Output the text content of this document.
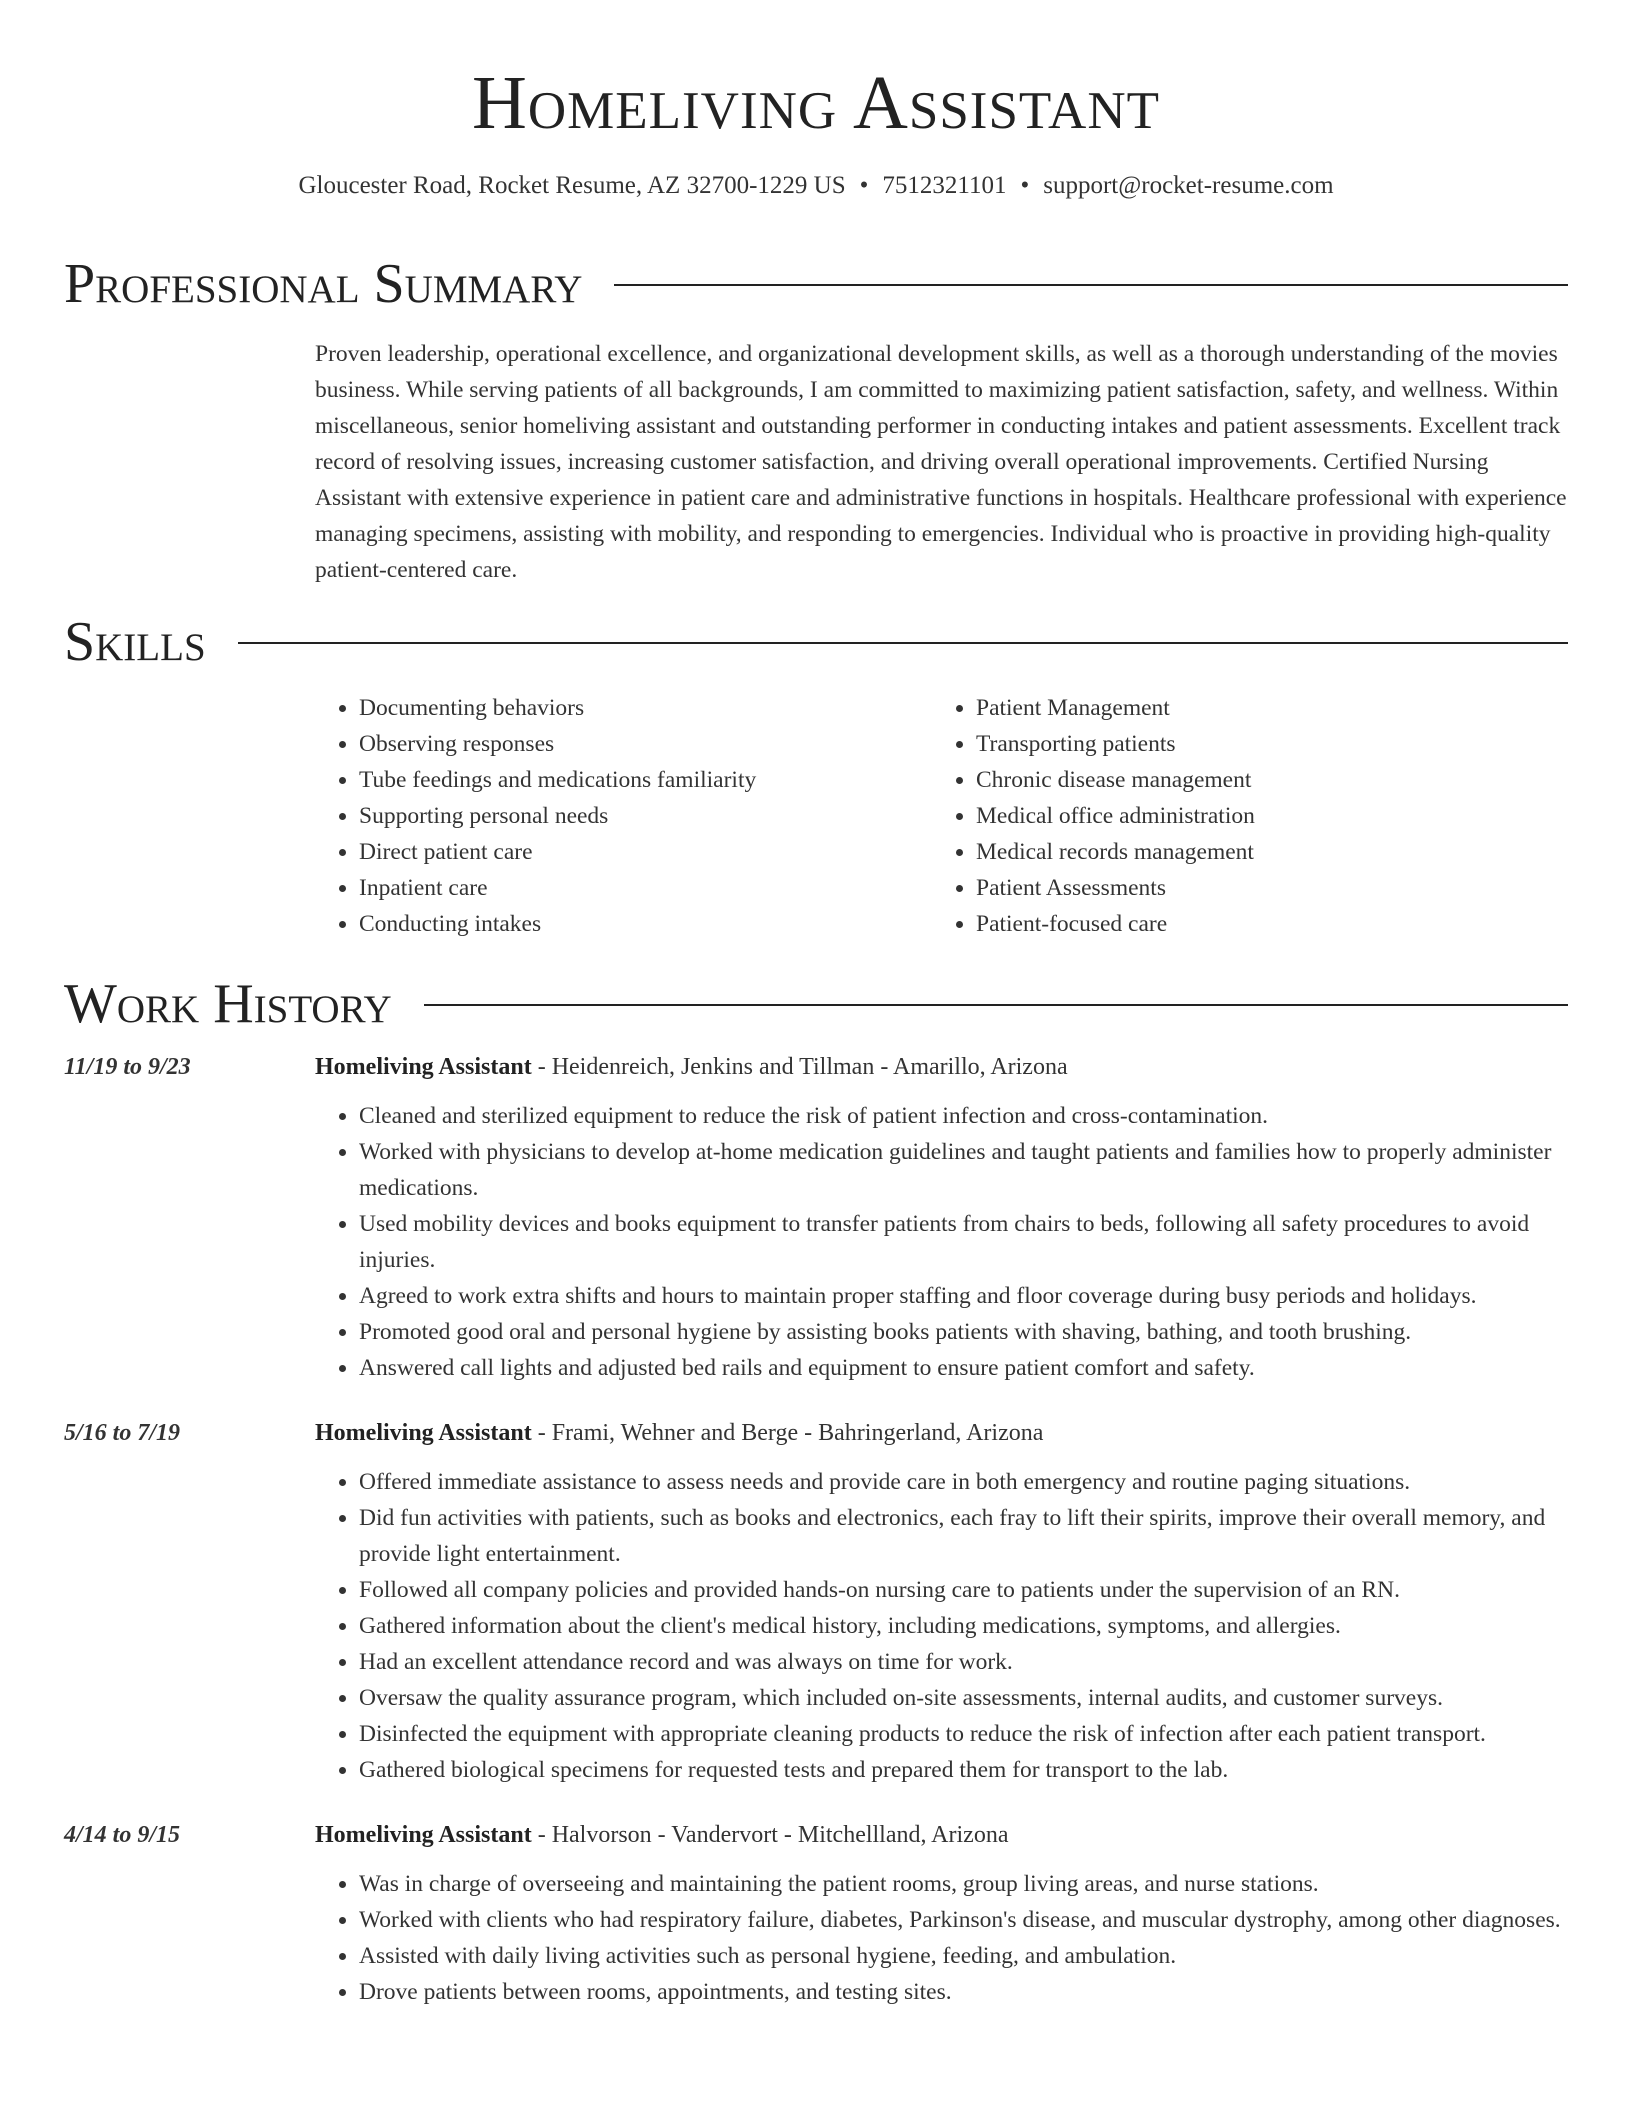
Homeliving Assistant
Gloucester Road, Rocket Resume, AZ 32700-1229 US • 7512321101 • support@rocket-resume.com
Professional Summary

Proven leadership, operational excellence, and organizational development skills, as well as a thorough understanding of the movies business. While serving patients of all backgrounds, I am committed to maximizing patient satisfaction, safety, and wellness. Within miscellaneous, senior homeliving assistant and outstanding performer in conducting intakes and patient assessments. Excellent track record of resolving issues, increasing customer satisfaction, and driving overall operational improvements. Certified Nursing Assistant with extensive experience in patient care and administrative functions in hospitals. Healthcare professional with experience managing specimens, assisting with mobility, and responding to emergencies. Individual who is proactive in providing high-quality patient-centered care.

Skills
• Documenting behaviors
• Observing responses
• Tube feedings and medications familiarity
• Supporting personal needs
• Direct patient care
• Inpatient care
• Conducting intakes
• Patient Management
• Transporting patients
• Chronic disease management
• Medical office administration
• Medical records management
• Patient Assessments
• Patient-focused care
Work History
11/19 to 9/23	Homeliving Assistant - Heidenreich, Jenkins and Tillman - Amarillo, Arizona
• Cleaned and sterilized equipment to reduce the risk of patient infection and cross-contamination.
• Worked with physicians to develop at-home medication guidelines and taught patients and families how to properly administer medications.
• Used mobility devices and books equipment to transfer patients from chairs to beds, following all safety procedures to avoid injuries.
• Agreed to work extra shifts and hours to maintain proper staffing and floor coverage during busy periods and holidays.
• Promoted good oral and personal hygiene by assisting books patients with shaving, bathing, and tooth brushing.
• Answered call lights and adjusted bed rails and equipment to ensure patient comfort and safety.
5/16 to 7/19	Homeliving Assistant - Frami, Wehner and Berge - Bahringerland, Arizona
• Offered immediate assistance to assess needs and provide care in both emergency and routine paging situations.
• Did fun activities with patients, such as books and electronics, each fray to lift their spirits, improve their overall memory, and provide light entertainment.
• Followed all company policies and provided hands-on nursing care to patients under the supervision of an RN.
• Gathered information about the client's medical history, including medications, symptoms, and allergies.
• Had an excellent attendance record and was always on time for work.
• Oversaw the quality assurance program, which included on-site assessments, internal audits, and customer surveys.
• Disinfected the equipment with appropriate cleaning products to reduce the risk of infection after each patient transport.
• Gathered biological specimens for requested tests and prepared them for transport to the lab.
4/14 to 9/15	Homeliving Assistant - Halvorson - Vandervort - Mitchellland, Arizona
• Was in charge of overseeing and maintaining the patient rooms, group living areas, and nurse stations.
• Worked with clients who had respiratory failure, diabetes, Parkinson's disease, and muscular dystrophy, among other diagnoses.
• Assisted with daily living activities such as personal hygiene, feeding, and ambulation.
• Drove patients between rooms, appointments, and testing sites.
